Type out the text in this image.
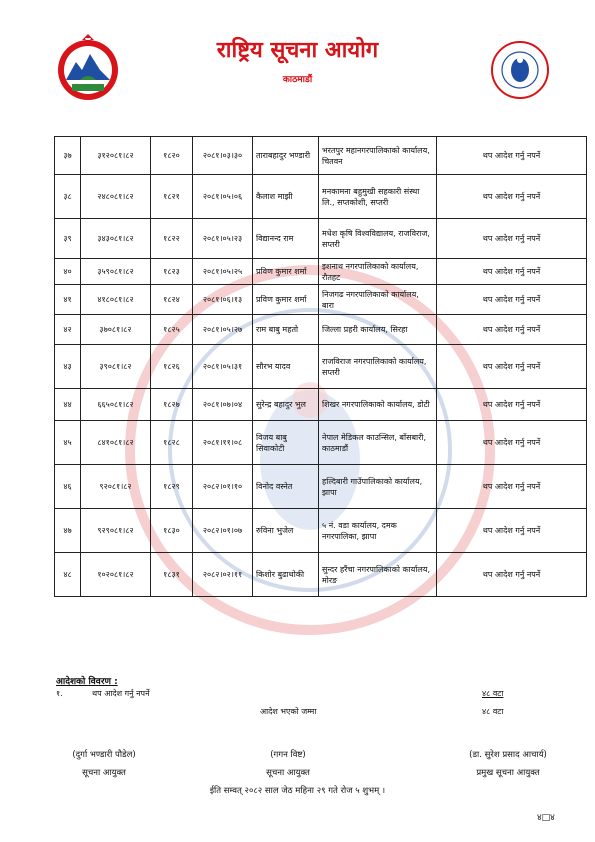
राष्ट्रिय सूचना आयोग
काठमाडौं
३७	३१२०८१।८२	१८२०	२०८१।०३।३०	ताराबहादुर भण्डारी	भरतपुर महानगरपालिकाको कार्यालय, चितवन	थप आदेश गर्नु नपर्ने
३८	२४८०८१।८२	१८२१	२०८१।०५।०६	कैलाश माझी	मनकामना बहुमुखी सहकारी संस्था लि., सप्तकोशी, सप्तरी	थप आदेश गर्नु नपर्ने
३९	३४३०८१।८२	१८२२	२०८१।०५।२३	विद्यानन्द राम	मधेश कृषि विश्वविद्यालय, राजविराज, सप्तरी	थप आदेश गर्नु नपर्ने
४०	३५९०८१।८२	१८२३	२०८१।०५।२५	प्रविण कुमार शर्मा	इशनाथ नगरपालिकाको कार्यालय, रौतहट	थप आदेश गर्नु नपर्ने
४१	४१८०८१।८२	१८२४	२०८१।०६।१३	प्रविण कुमार शर्मा	निजगढ नगरपालिकाको कार्यालय, बारा	थप आदेश गर्नु नपर्ने
४२	३७०८१।८२	१८२५	२०८१।०५।२७	राम बाबु महतो	जिल्ला प्रहरी कार्यालय, सिरहा	थप आदेश गर्नु नपर्ने
४३	३९०८१।८२	१८२६	२०८१।०५।३१	सौरभ यादव	राजविराज नगरपालिकाको कार्यालय, सप्तरी	थप आदेश गर्नु नपर्ने
४४	६६५०८१।८२	१८२७	२०८१।०७।०४	सुरेन्द्र बहादुर भुल	शिखर नगरपालिकाको कार्यालय, डोटी	थप आदेश गर्नु नपर्ने
४५	८४१०८१।८२	१८२८	२०८१।११।०८	विजय बाबु सिवाकोटी	नेपाल मेडिकल काउन्सिल, बाँसबारी, काठमाडौं	थप आदेश गर्नु नपर्ने
४६	९२०८१।८२	१८२९	२०८२।०१।१०	विनोद वस्नेत	हल्दिबारी गाउँपालिकाको कार्यालय, झापा	थप आदेश गर्नु नपर्ने
४७	९२९०८१।८२	१८३०	२०८२।०१।०७	रुविना भुजेल	५ नं. वडा कार्यालय, दमक नगरपालिका, झापा	थप आदेश गर्नु नपर्ने
४८	१०२०८१।८२	१८३१	२०८२।०२।११	किशोर बुढाथोकी	सुन्दर हरैंचा नगरपालिकाको कार्यालय, मोरङ	थप आदेश गर्नु नपर्ने
आदेशको विवरण :
१.	थप आदेश गर्नु नपर्ने	४८ वटा
आदेश भएको जम्मा	४८ वटा
(दुर्गा भण्डारी पौडेल)
सूचना आयुक्त
(गगन विष्ट)
सूचना आयुक्त
(डा. सुरेश प्रसाद आचार्य)
प्रमुख सूचना आयुक्त
ईति सम्वत् २०८२ साल जेठ महिना २९ गते रोज ५ शुभम् ।
४□४
